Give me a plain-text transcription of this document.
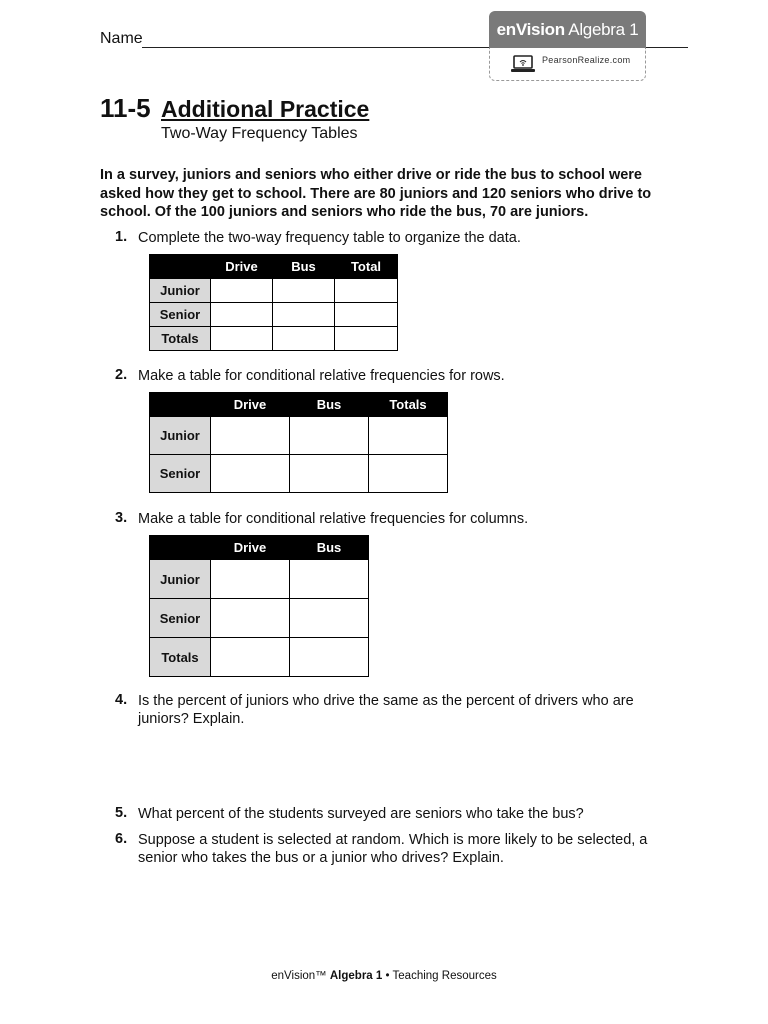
Name	enVision Algebra 1
PearsonRealize.com
11-5 Additional Practice
Two-Way Frequency Tables
In a survey, juniors and seniors who either drive or ride the bus to school were asked how they get to school. There are 80 juniors and 120 seniors who drive to school. Of the 100 juniors and seniors who ride the bus, 70 are juniors.
1. Complete the two-way frequency table to organize the data.
	Drive	Bus	Total
Junior			
Senior			
Totals			
2. Make a table for conditional relative frequencies for rows.
	Drive	Bus	Totals
Junior			
Senior			
3. Make a table for conditional relative frequencies for columns.
	Drive	Bus
Junior		
Senior		
Totals		
4. Is the percent of juniors who drive the same as the percent of drivers who are juniors? Explain.
5. What percent of the students surveyed are seniors who take the bus?
6. Suppose a student is selected at random. Which is more likely to be selected, a senior who takes the bus or a junior who drives? Explain.
enVision™ Algebra 1 • Teaching Resources
